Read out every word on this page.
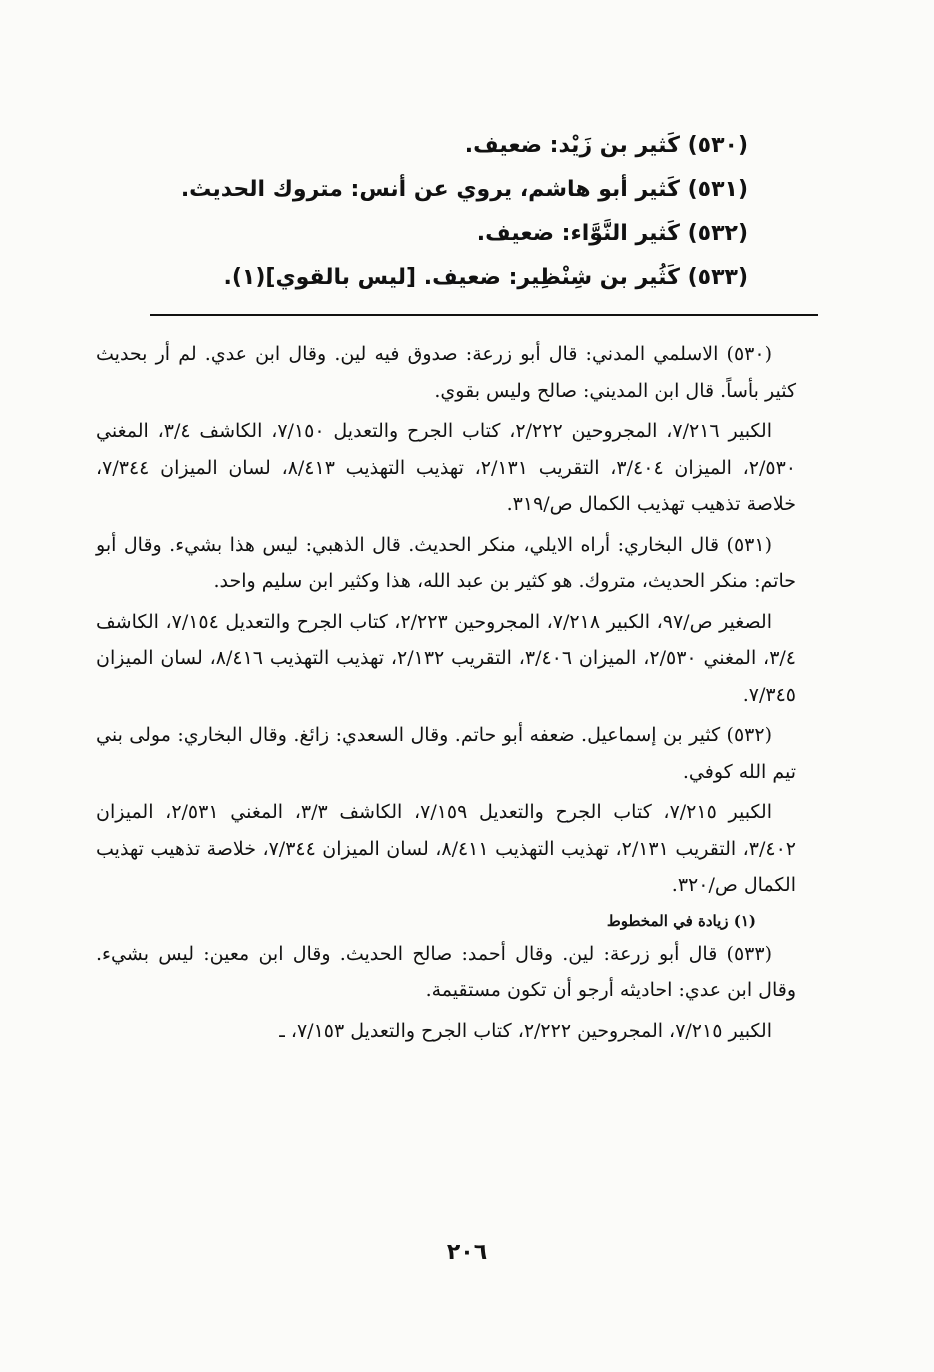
(٥٣٠) كَثير بن زَيْد: ضعيف.
(٥٣١) كَثير أبو هاشم، يروي عن أنس: متروك الحديث.
(٥٣٢) كَثير النَّوَّاء: ضعيف.
(٥٣٣) كَثُير بن شِنْظِير: ضعيف. [ليس بالقوي](١).

(٥٣٠) الاسلمي المدني: قال أبو زرعة: صدوق فيه لين. وقال ابن عدي. لم أر بحديث كثير بأساً. قال ابن المديني: صالح وليس بقوي.

الكبير ٧/٢١٦، المجروحين ٢/٢٢٢، كتاب الجرح والتعديل ٧/١٥٠، الكاشف ٣/٤، المغني ٢/٥٣٠، الميزان ٣/٤٠٤، التقريب ٢/١٣١، تهذيب التهذيب ٨/٤١٣، لسان الميزان ٧/٣٤٤، خلاصة تذهيب تهذيب الكمال ص/٣١٩.

(٥٣١) قال البخاري: أراه الايلي، منكر الحديث. قال الذهبي: ليس هذا بشيء. وقال أبو حاتم: منكر الحديث، متروك. هو كثير بن عبد الله، هذا وكثير ابن سليم واحد.

الصغير ص/٩٧، الكبير ٧/٢١٨، المجروحين ٢/٢٢٣، كتاب الجرح والتعديل ٧/١٥٤، الكاشف ٣/٤، المغني ٢/٥٣٠، الميزان ٣/٤٠٦، التقريب ٢/١٣٢، تهذيب التهذيب ٨/٤١٦، لسان الميزان ٧/٣٤٥.

(٥٣٢) كثير بن إسماعيل. ضعفه أبو حاتم. وقال السعدي: زائغ. وقال البخاري: مولى بني تيم الله كوفي.

الكبير ٧/٢١٥، كتاب الجرح والتعديل ٧/١٥٩، الكاشف ٣/٣، المغني ٢/٥٣١، الميزان ٣/٤٠٢، التقريب ٢/١٣١، تهذيب التهذيب ٨/٤١١، لسان الميزان ٧/٣٤٤، خلاصة تذهيب تهذيب الكمال ص/٣٢٠.

(١) زيادة في المخطوط

(٥٣٣) قال أبو زرعة: لين. وقال أحمد: صالح الحديث. وقال ابن معين: ليس بشيء. وقال ابن عدي: احاديثه أرجو أن تكون مستقيمة.

الكبير ٧/٢١٥، المجروحين ٢/٢٢٢، كتاب الجرح والتعديل ٧/١٥٣، ـ

٢٠٦
